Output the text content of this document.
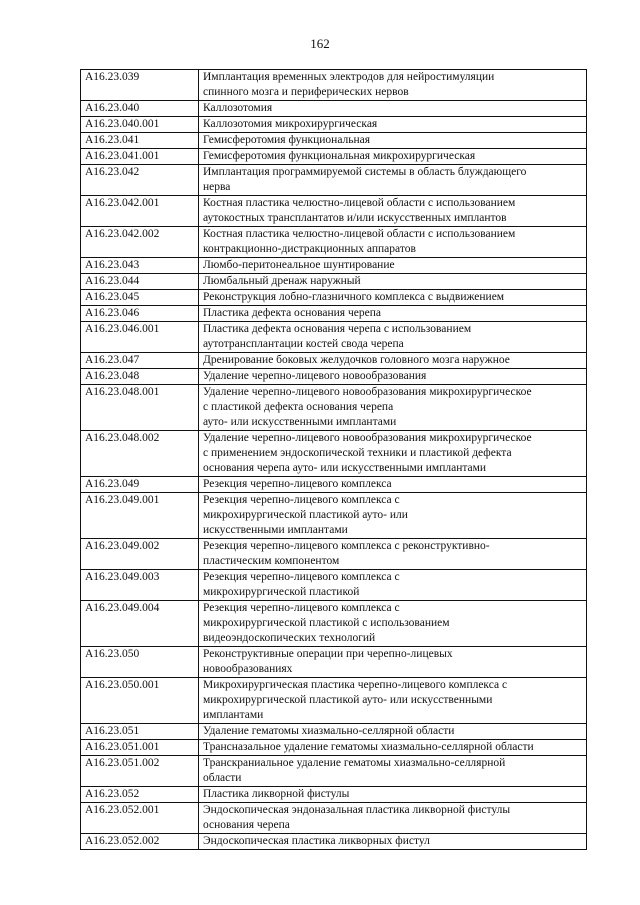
162
A16.23.039	Имплантация временных электродов для нейростимуляции
спинного мозга и периферических нервов
A16.23.040	Каллозотомия
A16.23.040.001	Каллозотомия микрохирургическая
A16.23.041	Гемисферотомия функциональная
A16.23.041.001	Гемисферотомия функциональная микрохирургическая
A16.23.042	Имплантация программируемой системы в область блуждающего
нерва
A16.23.042.001	Костная пластика челюстно-лицевой области с использованием
аутокостных трансплантатов и/или искусственных имплантов
A16.23.042.002	Костная пластика челюстно-лицевой области с использованием
контракционно-дистракционных аппаратов
A16.23.043	Люмбо-перитонеальное шунтирование
A16.23.044	Люмбальный дренаж наружный
A16.23.045	Реконструкция лобно-глазничного комплекса с выдвижением
A16.23.046	Пластика дефекта основания черепа
A16.23.046.001	Пластика дефекта основания черепа с использованием
аутотрансплантации костей свода черепа
A16.23.047	Дренирование боковых желудочков головного мозга наружное
A16.23.048	Удаление черепно-лицевого новообразования
A16.23.048.001	Удаление черепно-лицевого новообразования микрохирургическое
с пластикой дефекта основания черепа
ауто- или искусственными имплантами
A16.23.048.002	Удаление черепно-лицевого новообразования микрохирургическое
с применением эндоскопической техники и пластикой дефекта
основания черепа ауто- или искусственными имплантами
A16.23.049	Резекция черепно-лицевого комплекса
A16.23.049.001	Резекция черепно-лицевого комплекса с
микрохирургической пластикой ауто- или
искусственными имплантами
A16.23.049.002	Резекция черепно-лицевого комплекса с реконструктивно-
пластическим компонентом
A16.23.049.003	Резекция черепно-лицевого комплекса с
микрохирургической пластикой
A16.23.049.004	Резекция черепно-лицевого комплекса с
микрохирургической пластикой с использованием
видеоэндоскопических технологий
A16.23.050	Реконструктивные операции при черепно-лицевых
новообразованиях
A16.23.050.001	Микрохирургическая пластика черепно-лицевого комплекса с
микрохирургической пластикой ауто- или искусственными
имплантами
A16.23.051	Удаление гематомы хиазмально-селлярной области
A16.23.051.001	Трансназальное удаление гематомы хиазмально-селлярной области
A16.23.051.002	Транскраниальное удаление гематомы хиазмально-селлярной
области
A16.23.052	Пластика ликворной фистулы
A16.23.052.001	Эндоскопическая эндоназальная пластика ликворной фистулы
основания черепа
A16.23.052.002	Эндоскопическая пластика ликворных фистул
